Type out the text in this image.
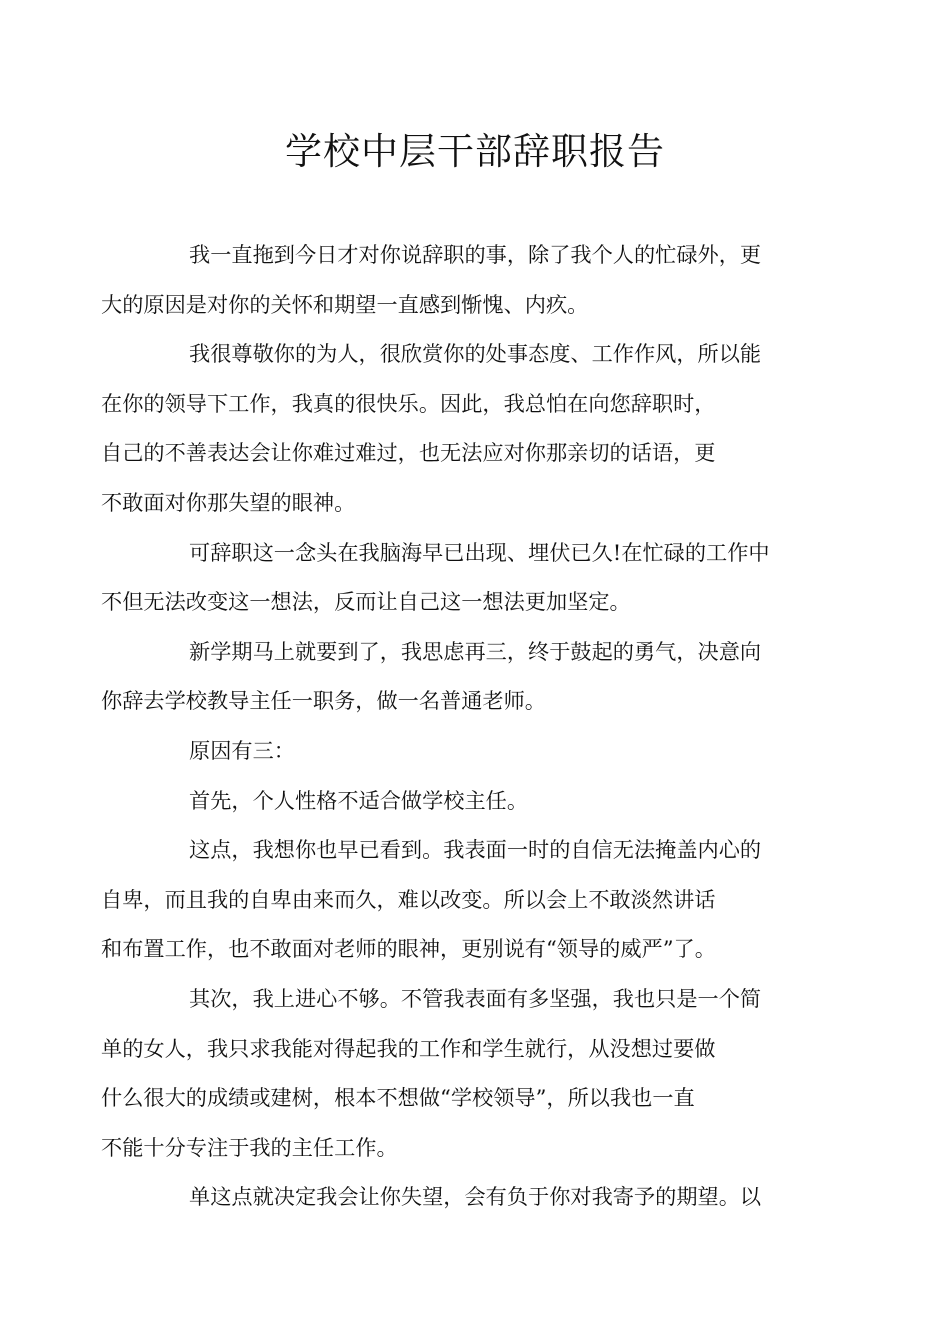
学校中层干部辞职报告

我一直拖到今日才对你说辞职的事，除了我个人的忙碌外，更
大的原因是对你的关怀和期望一直感到惭愧、内疚。

我很尊敬你的为人，很欣赏你的处事态度、工作作风，所以能
在你的领导下工作，我真的很快乐。因此，我总怕在向您辞职时，
自己的不善表达会让你难过难过，也无法应对你那亲切的话语，更
不敢面对你那失望的眼神。

可辞职这一念头在我脑海早已出现、埋伏已久!在忙碌的工作中
不但无法改变这一想法，反而让自己这一想法更加坚定。

新学期马上就要到了，我思虑再三，终于鼓起的勇气，决意向
你辞去学校教导主任一职务，做一名普通老师。

原因有三：

首先，个人性格不适合做学校主任。

这点，我想你也早已看到。我表面一时的自信无法掩盖内心的
自卑，而且我的自卑由来而久，难以改变。所以会上不敢淡然讲话
和布置工作，也不敢面对老师的眼神，更别说有“领导的威严”了。

其次，我上进心不够。不管我表面有多坚强，我也只是一个简
单的女人，我只求我能对得起我的工作和学生就行，从没想过要做
什么很大的成绩或建树，根本不想做“学校领导”，所以我也一直
不能十分专注于我的主任工作。

单这点就决定我会让你失望，会有负于你对我寄予的期望。以
